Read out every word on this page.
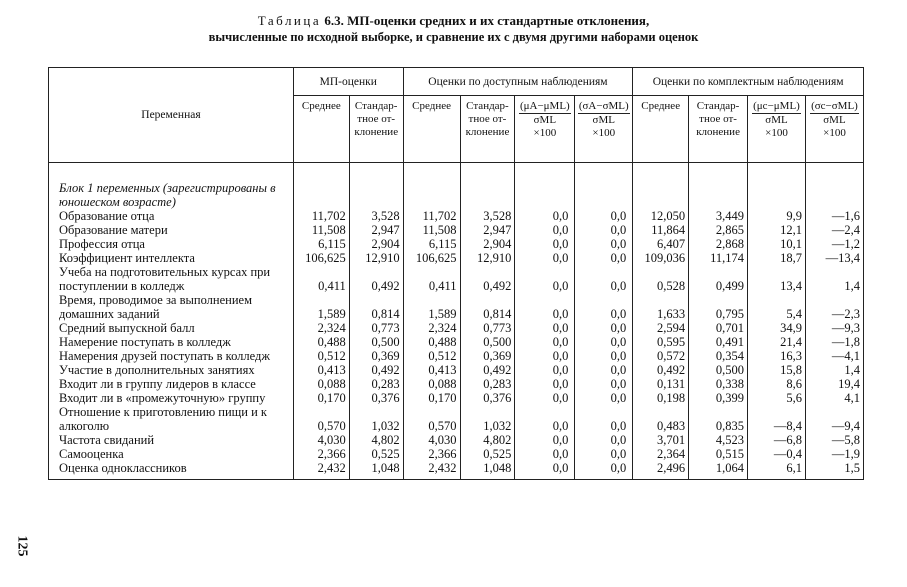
Таблица 6.3. МП-оценки средних и их стандартные отклонения,
вычисленные по исходной выборке, и сравнение их с двумя другими наборами оценок
125
Переменная	МП-оценки		Оценки по доступным наблюдениям				Оценки по комплектным наблюдениям			
	Среднее	Стандар-тное от-клонение	Среднее	Стандар-тное от-клонение	(μA−μML)
σML
×100	(σA−σML)
σML
×100	Среднее	Стандар-тное от-клонение	(μc−μML)
σML
×100	(σc−σML)
σML
×100
Блок 1 переменных (зарегистрированы в юношеском возрасте)										
Образование отца	11,702	3,528	11,702	3,528	0,0	0,0	12,050	3,449	9,9	—1,6
Образование матери	11,508	2,947	11,508	2,947	0,0	0,0	11,864	2,865	12,1	—2,4
Профессия отца	6,115	2,904	6,115	2,904	0,0	0,0	6,407	2,868	10,1	—1,2
Коэффициент интеллекта	106,625	12,910	106,625	12,910	0,0	0,0	109,036	11,174	18,7	—13,4
Учеба на подготовительных курсах при поступлении в колледж	0,411	0,492	0,411	0,492	0,0	0,0	0,528	0,499	13,4	1,4
Время, проводимое за выполнением домашних заданий	1,589	0,814	1,589	0,814	0,0	0,0	1,633	0,795	5,4	—2,3
Средний выпускной балл	2,324	0,773	2,324	0,773	0,0	0,0	2,594	0,701	34,9	—9,3
Намерение поступать в колледж	0,488	0,500	0,488	0,500	0,0	0,0	0,595	0,491	21,4	—1,8
Намерения друзей поступать в колледж	0,512	0,369	0,512	0,369	0,0	0,0	0,572	0,354	16,3	—4,1
Участие в дополнительных занятиях	0,413	0,492	0,413	0,492	0,0	0,0	0,492	0,500	15,8	1,4
Входит ли в группу лидеров в классе	0,088	0,283	0,088	0,283	0,0	0,0	0,131	0,338	8,6	19,4
Входит ли в «промежуточную» группу	0,170	0,376	0,170	0,376	0,0	0,0	0,198	0,399	5,6	4,1
Отношение к приготовлению пищи и к алкоголю	0,570	1,032	0,570	1,032	0,0	0,0	0,483	0,835	—8,4	—9,4
Частота свиданий	4,030	4,802	4,030	4,802	0,0	0,0	3,701	4,523	—6,8	—5,8
Самооценка	2,366	0,525	2,366	0,525	0,0	0,0	2,364	0,515	—0,4	—1,9
Оценка одноклассников	2,432	1,048	2,432	1,048	0,0	0,0	2,496	1,064	6,1	1,5
